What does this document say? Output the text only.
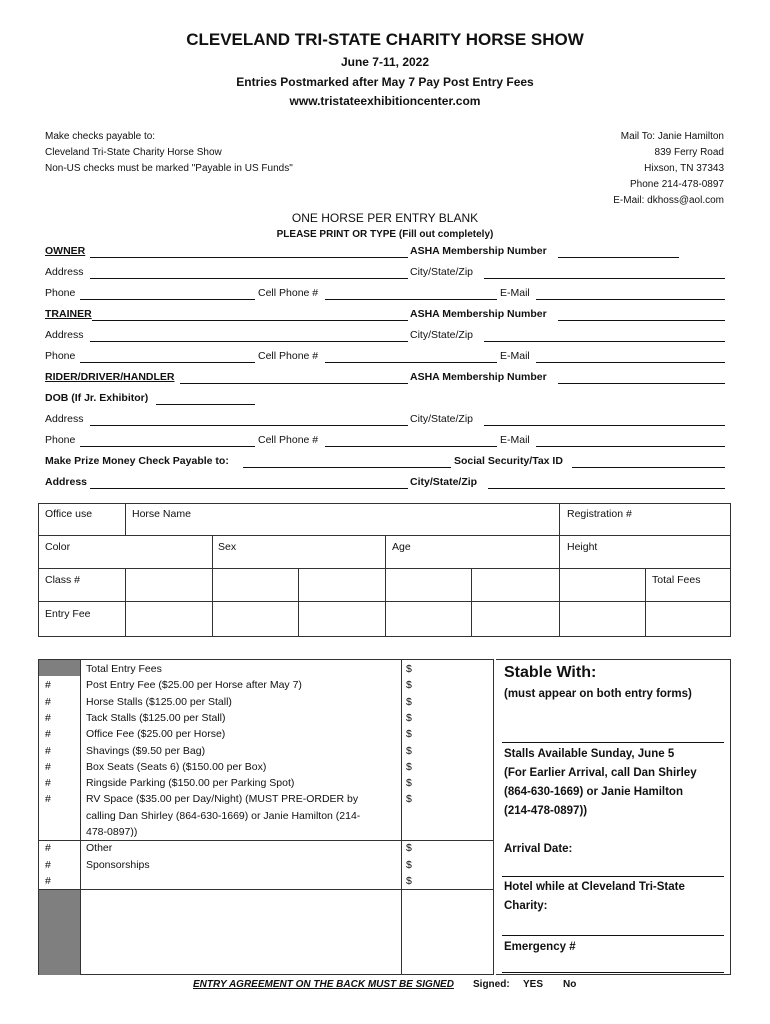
CLEVELAND TRI-STATE CHARITY HORSE SHOW
June 7-11, 2022
Entries Postmarked after May 7 Pay Post Entry Fees
www.tristateexhibitioncenter.com
Make checks payable to:
Cleveland Tri-State Charity Horse Show
Non-US checks must be marked "Payable in US Funds"
Mail To: Janie Hamilton
839 Ferry Road
Hixson, TN 37343
Phone 214-478-0897
E-Mail: dkhoss@aol.com
ONE HORSE PER ENTRY BLANK
PLEASE PRINT OR TYPE (Fill out completely)
OWNER	ASHA Membership Number
Address	City/State/Zip
Phone	Cell Phone #	E-Mail
TRAINER	ASHA Membership Number
Address	City/State/Zip
Phone	Cell Phone #	E-Mail
RIDER/DRIVER/HANDLER	ASHA Membership Number
DOB (If Jr. Exhibitor)
Address	City/State/Zip
Phone	Cell Phone #	E-Mail
Make Prize Money Check Payable to:	Social Security/Tax ID
Address	City/State/Zip
Office use	Horse Name	Registration #
Color	Sex	Age	Height
Class #	Total Fees
Entry Fee
Total Entry Fees	$
#	Post Entry Fee ($25.00 per Horse after May 7)	$
#	Horse Stalls ($125.00 per Stall)	$
#	Tack Stalls ($125.00 per Stall)	$
#	Office Fee ($25.00 per Horse)	$
#	Shavings ($9.50 per Bag)	$
#	Box Seats (Seats 6) ($150.00 per Box)	$
#	Ringside Parking ($150.00 per Parking Spot)	$
#	RV Space ($35.00 per Day/Night) (MUST PRE-ORDER by	$
calling Dan Shirley (864-630-1669) or Janie Hamilton (214-
478-0897))
#	Other	$
#	Sponsorships	$
#	$
Stable With:
(must appear on both entry forms)
Stalls Available Sunday, June 5
(For Earlier Arrival, call Dan Shirley
(864-630-1669) or Janie Hamilton
(214-478-0897))
Arrival Date:
Hotel while at Cleveland Tri-State
Charity:
Emergency #
ENTRY AGREEMENT ON THE BACK MUST BE SIGNED Signed: YES No
